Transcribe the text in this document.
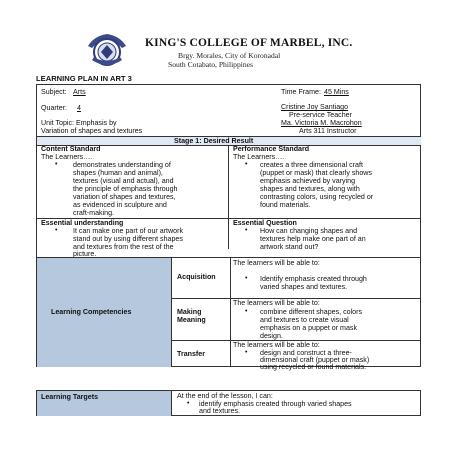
KING'S COLLEGE OF MARBEL, INC.
Brgy. Morales, City of Koronadal
South Cotabato, Philippines
LEARNING PLAN IN ART 3
Subject: Arts
Quarter: 4
Unit Topic: Emphasis by
Variation of shapes and textures
Time Frame: 45 Mins
Cristine Joy Santiago
Pre-service Teacher
Ma. Victoria M. Macrohon
Arts 311 Instructor
Stage 1: Desired Result
Content Standard
The Learners….
• demonstrates understanding of
shapes (human and animal),
textures (visual and actual), and
the principle of emphasis through
variation of shapes and textures,
as evidenced in sculpture and
craft-making.
Performance Standard
The Learners….
• creates a three dimensional craft
(puppet or mask) that clearly shows
emphasis achieved by varying
shapes and textures, along with
contrasting colors, using recycled or
found materials.
Essential understanding
• It can make one part of our artwork
stand out by using different shapes
and textures from the rest of the
picture.
Essential Question
• How can changing shapes and
textures help make one part of an
artwork stand out?
Learning Competencies
Acquisition
The learners will be able to:
• Identify emphasis created through
varied shapes and textures.
Making
Meaning
The learners will be able to:
• combine different shapes, colors
and textures to create visual
emphasis on a puppet or mask
design.
Transfer
The learners will be able to:
• design and construct a three-
dimensional craft (puppet or mask)
using recycled or found materials.
Learning Targets	At the end of the lesson, I can:
• identify emphasis created through varied shapes
and textures.
